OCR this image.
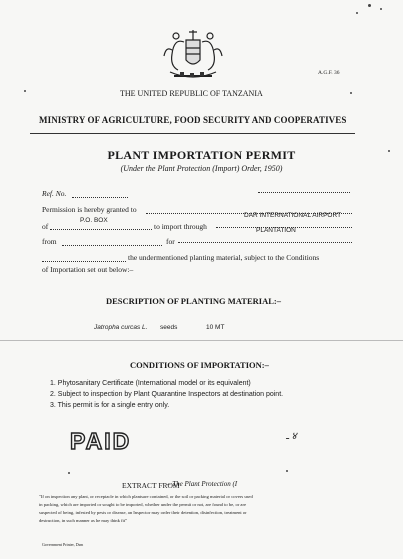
A.G.F. 36
THE UNITED REPUBLIC OF TANZANIA
MINISTRY OF AGRICULTURE, FOOD SECURITY AND COOPERATIVES
PLANT IMPORTATION PERMIT
(Under the Plant Protection (Import) Order, 1950)
Ref. No.
Permission is hereby granted to
of
P.O. BOX
to import through
DAR INTERNATIONAL AIRPORT
from	for
PLANTATION
the undermentioned planting material, subject to the Conditions
of Importation set out below:–
DESCRIPTION OF PLANTING MATERIAL:–
Jatropha curcas L. seeds	10 MT
CONDITIONS OF IMPORTATION:–
1. Phytosanitary Certificate (International model or its equivalent)
2. Subject to inspection by Plant Quarantine Inspectors at destination point.
3. This permit is for a single entry only.
PAID	ـ ४
EXTRACT FROM
– The Plant Protection (I
"If on inspection any plant, or receptacle in which plantsare contained, or the soil or packing material or covers used
in packing, which are imported or sought to be imported, whether under the permit or not, are found to be, or are
suspected of being, infested by pests or disease, an Inspector may order their detention, disinfection, treatment or
destruction, in such manner as he may think fit”
Government Printer, Dsm
